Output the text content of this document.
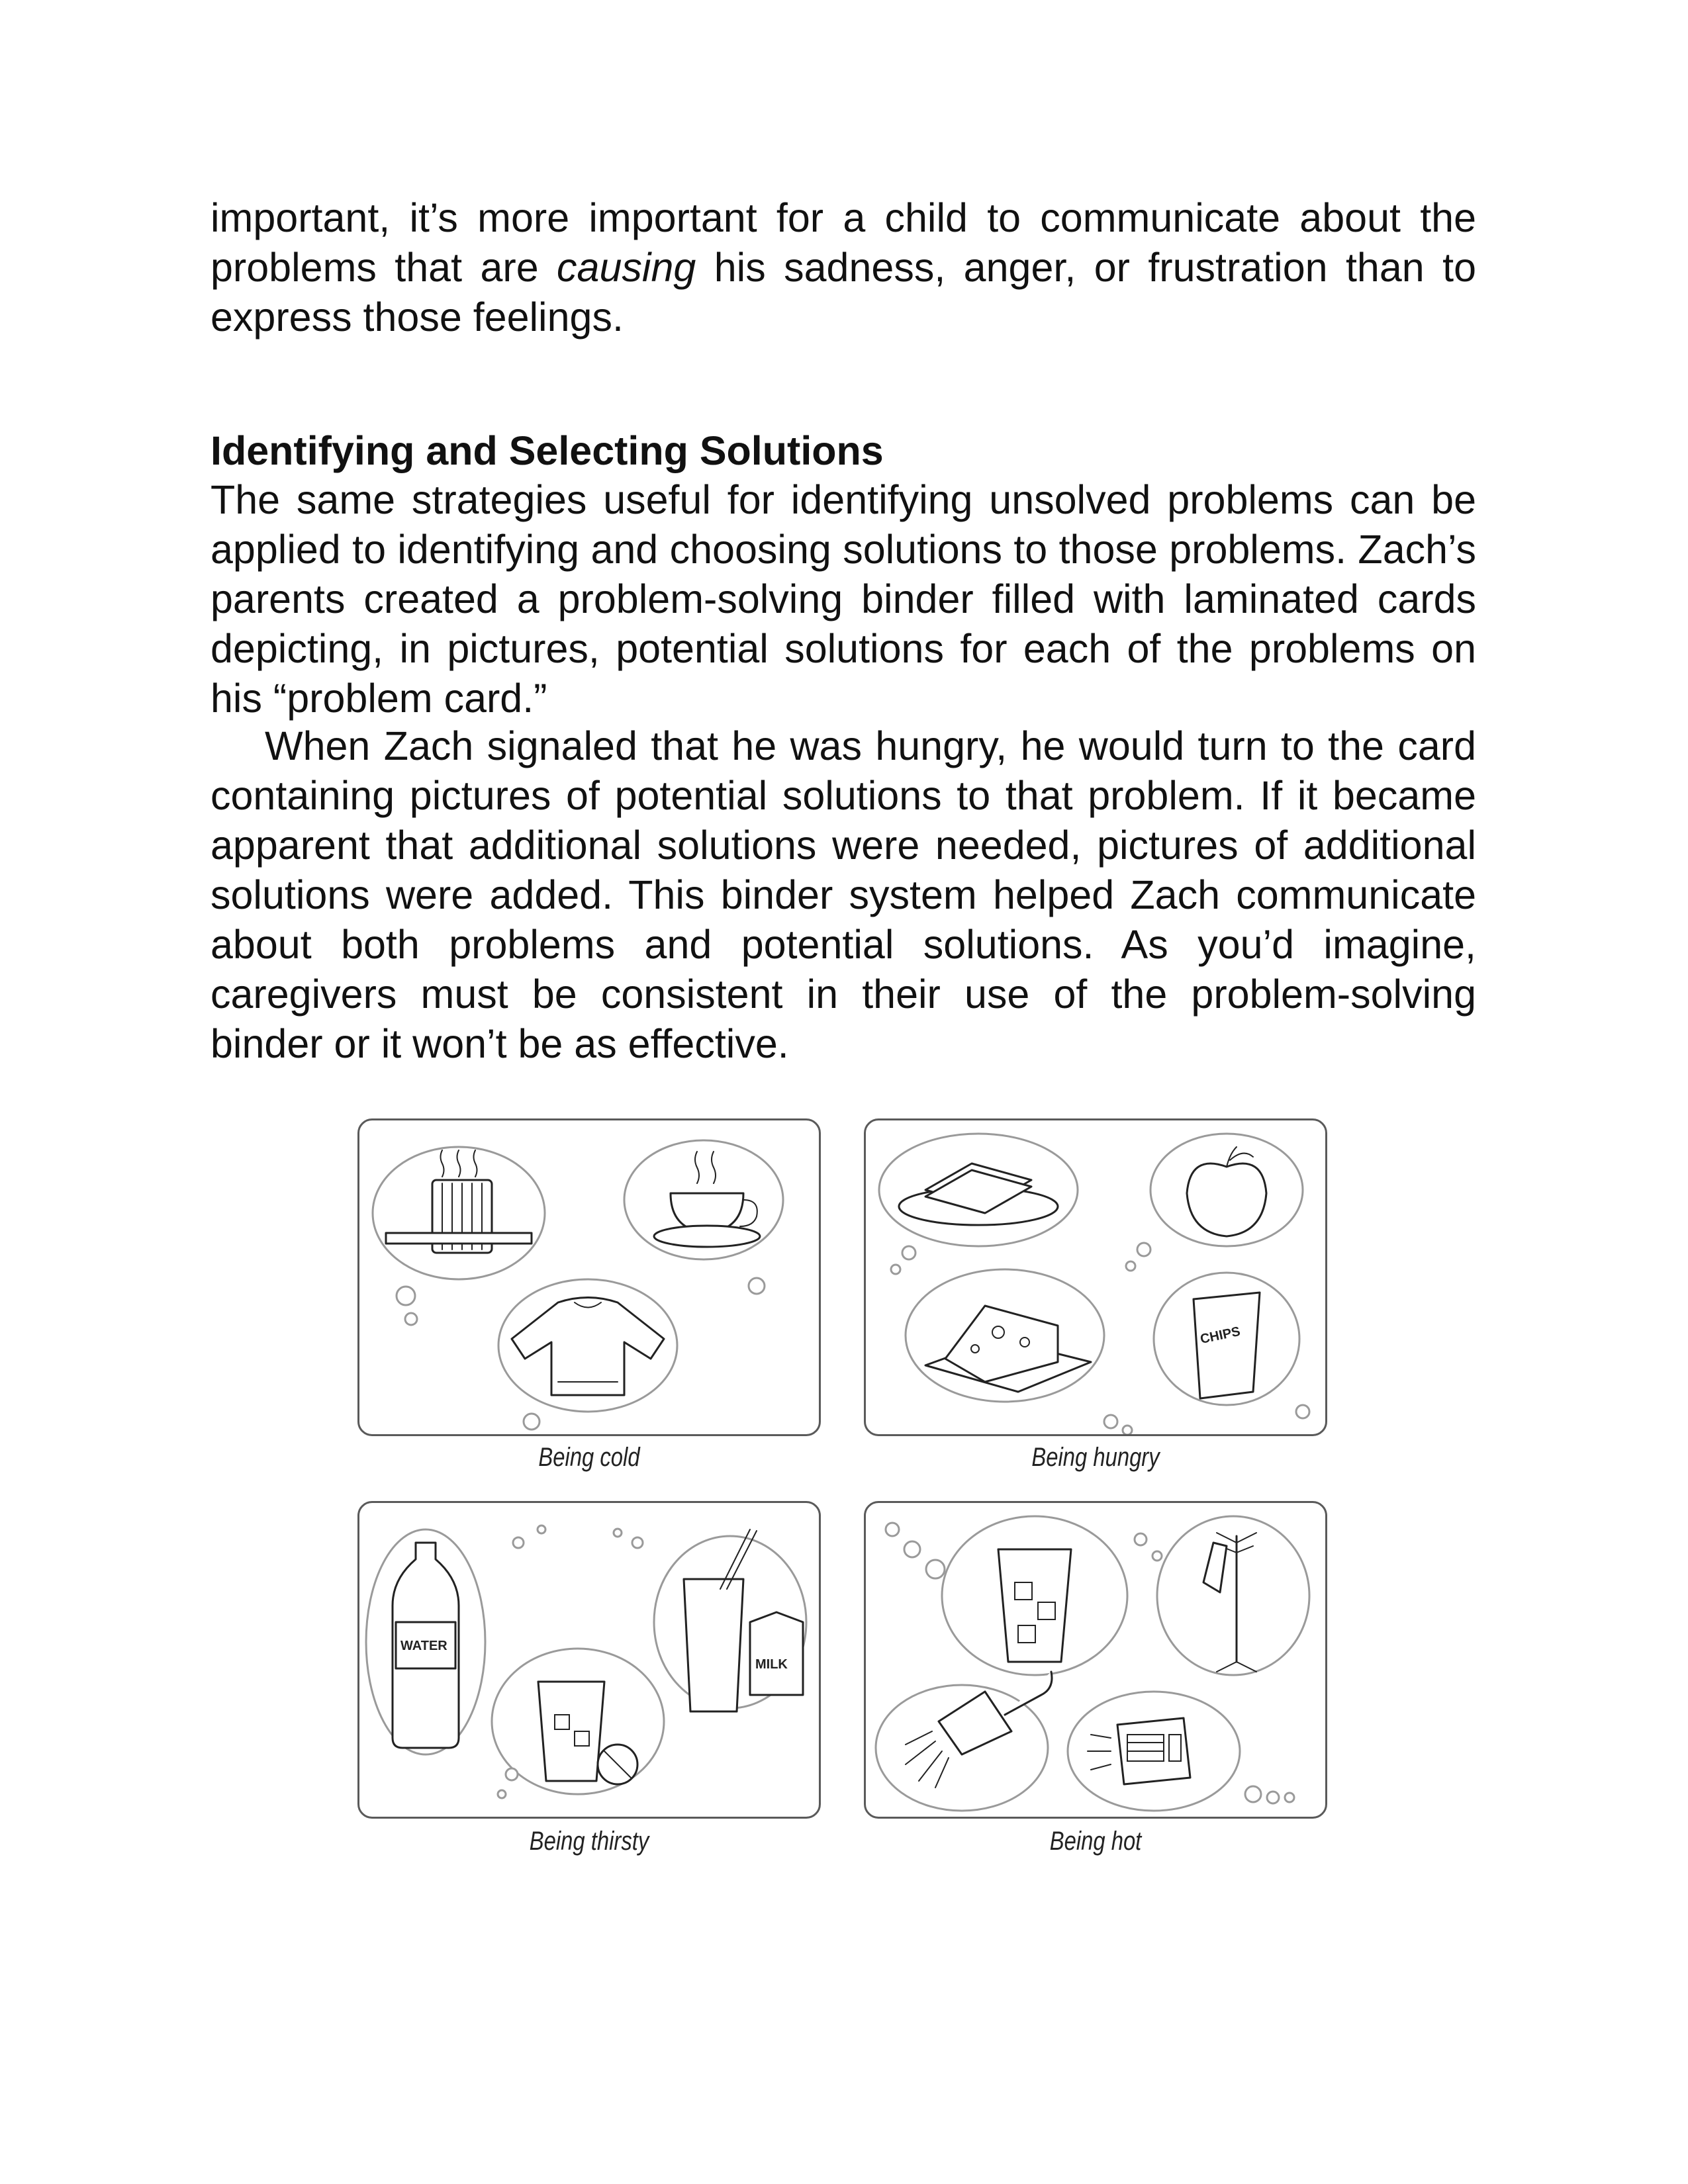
important, it’s more important for a child to communicate about the problems that are causing his sadness, anger, or frustration than to express those feelings.
Identifying and Selecting Solutions
The same strategies useful for identifying unsolved problems can be applied to identifying and choosing solutions to those problems. Zach’s parents created a problem-solving binder filled with laminated cards depicting, in pictures, potential solutions for each of the problems on his “problem card.”
When Zach signaled that he was hungry, he would turn to the card containing pictures of potential solutions to that problem. If it became apparent that additional solutions were needed, pictures of additional solutions were added. This binder system helped Zach communicate about both problems and potential solutions. As you’d imagine, caregivers must be consistent in their use of the problem-solving binder or it won’t be as effective.
Being cold
CHIPS
Being hungry
WATER
MILK
Being thirsty	Being hot
